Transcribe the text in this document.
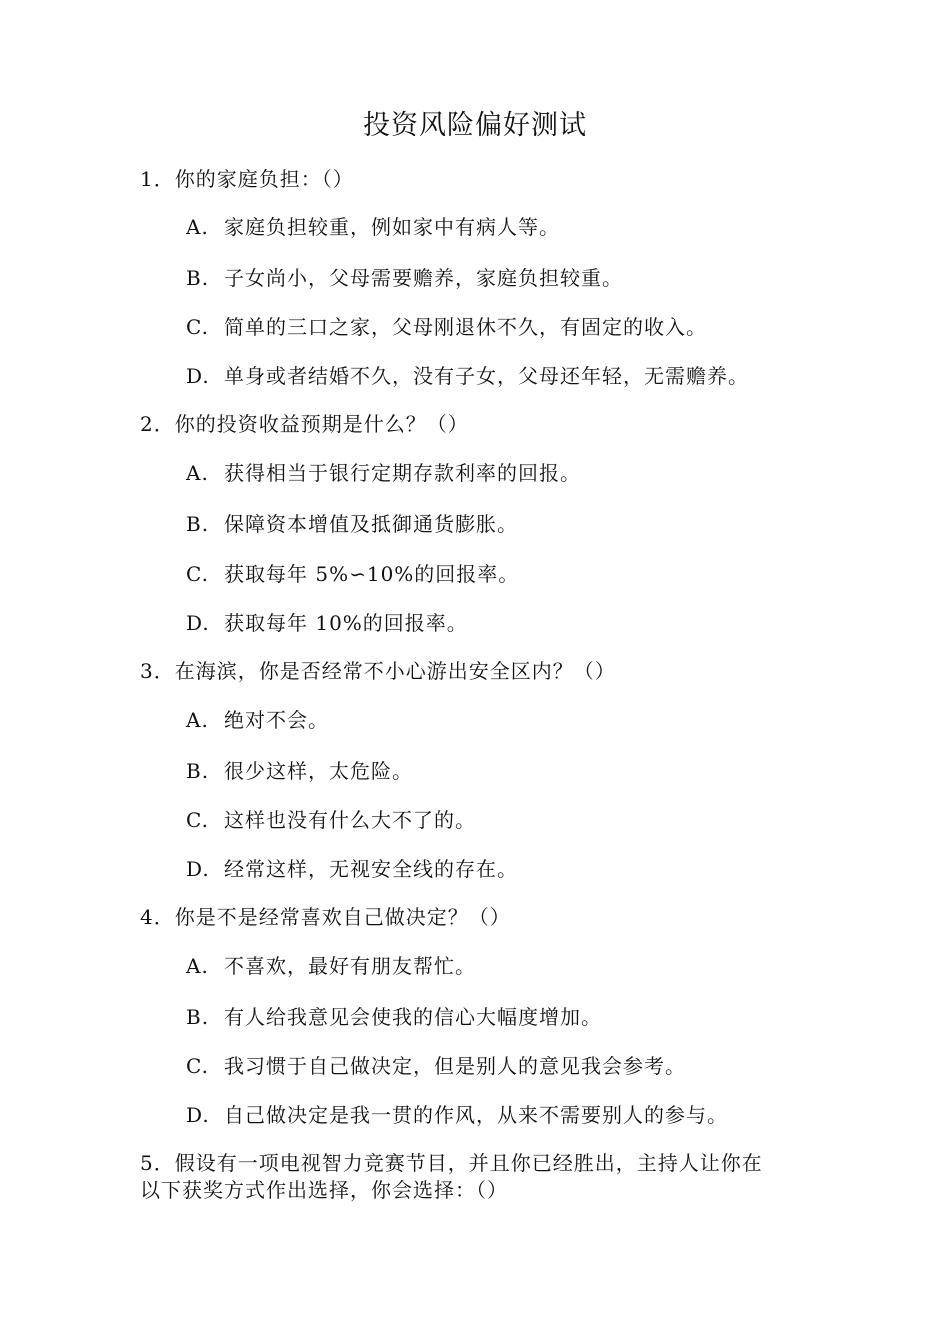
投资风险偏好测试
1．你的家庭负担：（）
A. 家庭负担较重，例如家中有病人等。
B. 子女尚小，父母需要赡养，家庭负担较重。
C. 简单的三口之家，父母刚退休不久，有固定的收入。
D. 单身或者结婚不久，没有子女，父母还年轻，无需赡养。
2．你的投资收益预期是什么？（）
A. 获得相当于银行定期存款利率的回报。
B. 保障资本增值及抵御通货膨胀。
C. 获取每年 5%∽10%的回报率。
D. 获取每年 10%的回报率。
3．在海滨，你是否经常不小心游出安全区内？（）
A. 绝对不会。
B. 很少这样，太危险。
C. 这样也没有什么大不了的。
D. 经常这样，无视安全线的存在。
4．你是不是经常喜欢自己做决定？（）
A. 不喜欢，最好有朋友帮忙。
B. 有人给我意见会使我的信心大幅度增加。
C. 我习惯于自己做决定，但是别人的意见我会参考。
D. 自己做决定是我一贯的作风，从来不需要别人的参与。
5．假设有一项电视智力竞赛节目，并且你已经胜出，主持人让你在
以下获奖方式作出选择，你会选择：（）
